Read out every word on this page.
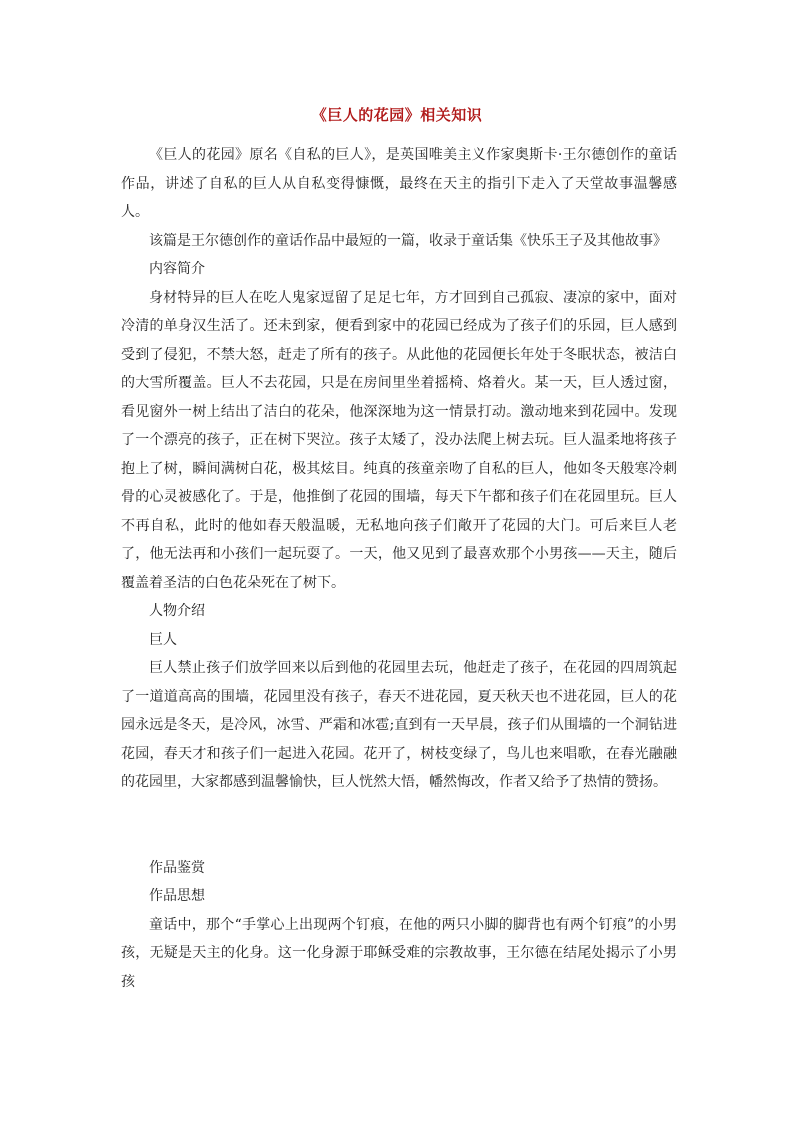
《巨人的花园》相关知识

《巨人的花园》原名《自私的巨人》，是英国唯美主义作家奥斯卡·王尔德创作的童话作品，讲述了自私的巨人从自私变得慷慨，最终在天主的指引下走入了天堂故事温馨感人。

该篇是王尔德创作的童话作品中最短的一篇，收录于童话集《快乐王子及其他故事》

内容简介

身材特异的巨人在吃人鬼家逗留了足足七年，方才回到自己孤寂、凄凉的家中，面对冷清的单身汉生活了。还未到家，便看到家中的花园已经成为了孩子们的乐园，巨人感到受到了侵犯，不禁大怒，赶走了所有的孩子。从此他的花园便长年处于冬眠状态，被洁白的大雪所覆盖。巨人不去花园，只是在房间里坐着摇椅、烙着火。某一天，巨人透过窗，看见窗外一树上结出了洁白的花朵，他深深地为这一情景打动。激动地来到花园中。发现了一个漂亮的孩子，正在树下哭泣。孩子太矮了，没办法爬上树去玩。巨人温柔地将孩子抱上了树，瞬间满树白花，极其炫目。纯真的孩童亲吻了自私的巨人，他如冬天般寒冷刺骨的心灵被感化了。于是，他推倒了花园的围墙，每天下午都和孩子们在花园里玩。巨人不再自私，此时的他如春天般温暖，无私地向孩子们敞开了花园的大门。可后来巨人老了，他无法再和小孩们一起玩耍了。一天，他又见到了最喜欢那个小男孩——天主，随后覆盖着圣洁的白色花朵死在了树下。

人物介绍

巨人

巨人禁止孩子们放学回来以后到他的花园里去玩，他赶走了孩子，在花园的四周筑起了一道道高高的围墙，花园里没有孩子，春天不进花园，夏天秋天也不进花园，巨人的花园永远是冬天，是冷风，冰雪、严霜和冰雹;直到有一天早晨，孩子们从围墙的一个洞钻进花园，春天才和孩子们一起进入花园。花开了，树枝变绿了，鸟儿也来唱歌，在春光融融的花园里，大家都感到温馨愉快，巨人恍然大悟，幡然悔改，作者又给予了热情的赞扬。

作品鉴赏

作品思想

童话中，那个“手掌心上出现两个钉痕，在他的两只小脚的脚背也有两个钉痕”的小男孩，无疑是天主的化身。这一化身源于耶稣受难的宗教故事，王尔德在结尾处揭示了小男孩
